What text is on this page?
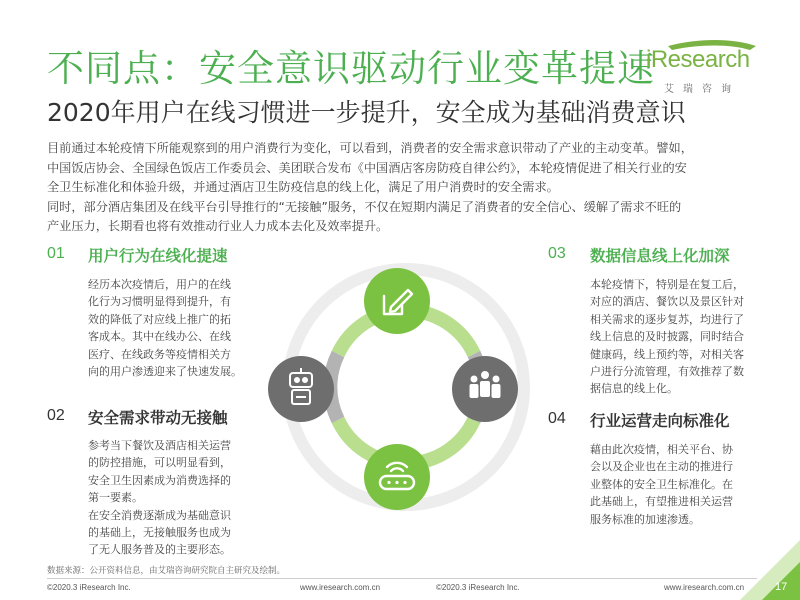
不同点：安全意识驱动行业变革提速
2020年用户在线习惯进一步提升，安全成为基础消费意识
iResearch
艾瑞咨询

目前通过本轮疫情下所能观察到的用户消费行为变化，可以看到，消费者的安全需求意识带动了产业的主动变革。譬如，

中国饭店协会、全国绿色饭店工作委员会、美团联合发布《中国酒店客房防疫自律公约》，本轮疫情促进了相关行业的安

全卫生标准化和体验升级，并通过酒店卫生防疫信息的线上化，满足了用户消费时的安全需求。

同时，部分酒店集团及在线平台引导推行的“无接触”服务，不仅在短期内满足了消费者的安全信心、缓解了需求不旺的

产业压力，长期看也将有效推动行业人力成本去化及效率提升。

01 用户行为在线化提速

经历本次疫情后，用户的在线

化行为习惯明显得到提升，有

效的降低了对应线上推广的拓

客成本。其中在线办公、在线

医疗、在线政务等疫情相关方

向的用户渗透迎来了快速发展。

02 安全需求带动无接触

参考当下餐饮及酒店相关运营

的防控措施，可以明显看到，

安全卫生因素成为消费选择的

第一要素。

在安全消费逐渐成为基础意识

的基础上，无接触服务也成为

了无人服务普及的主要形态。

03 数据信息线上化加深

本轮疫情下，特别是在复工后，

对应的酒店、餐饮以及景区针对

相关需求的逐步复苏，均进行了

线上信息的及时披露，同时结合

健康码，线上预约等，对相关客

户进行分流管理，有效推荐了数

据信息的线上化。

04 行业运营走向标准化

藉由此次疫情，相关平台、协

会以及企业也在主动的推进行

业整体的安全卫生标准化。在

此基础上，有望推进相关运营

服务标准的加速渗透。

数据来源：公开资料信息，由艾瑞咨询研究院自主研究及绘制。
©2020.3 iResearch Inc.	www.iresearch.com.cn	©2020.3 iResearch Inc.	www.iresearch.com.cn	17
